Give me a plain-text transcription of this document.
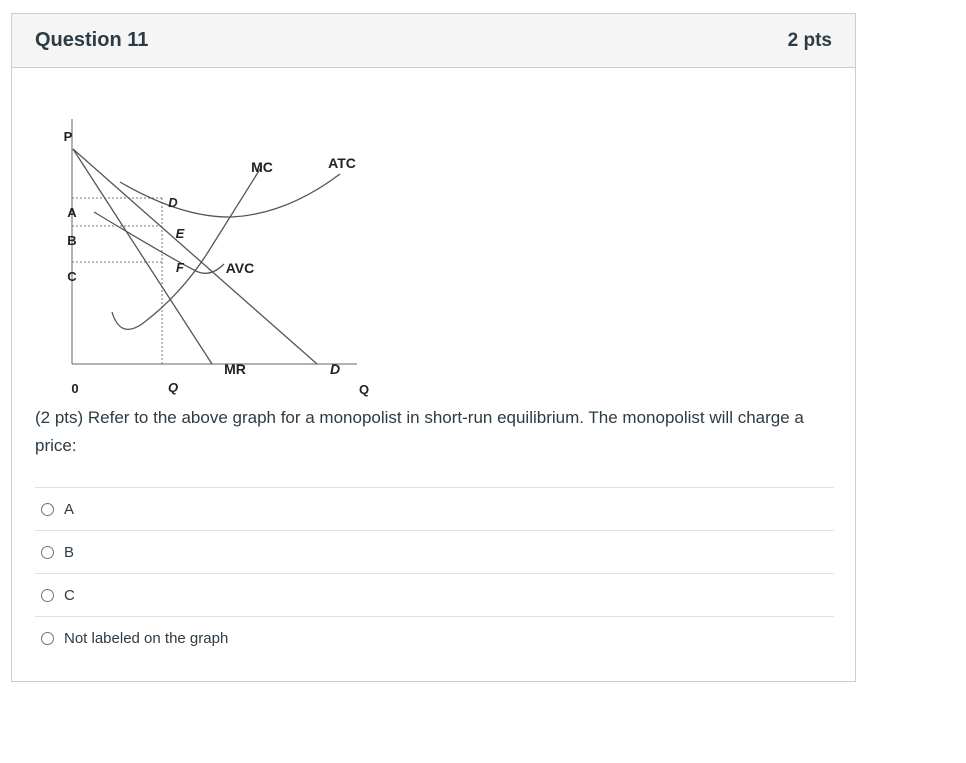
Question 11	2 pts
P
A
B
C
0	Q	Q
D
E
F
MC	ATC
AVC
MR	D

(2 pts) Refer to the above graph for a monopolist in short-run equilibrium. The monopolist will charge a price:

A
B
C
Not labeled on the graph
